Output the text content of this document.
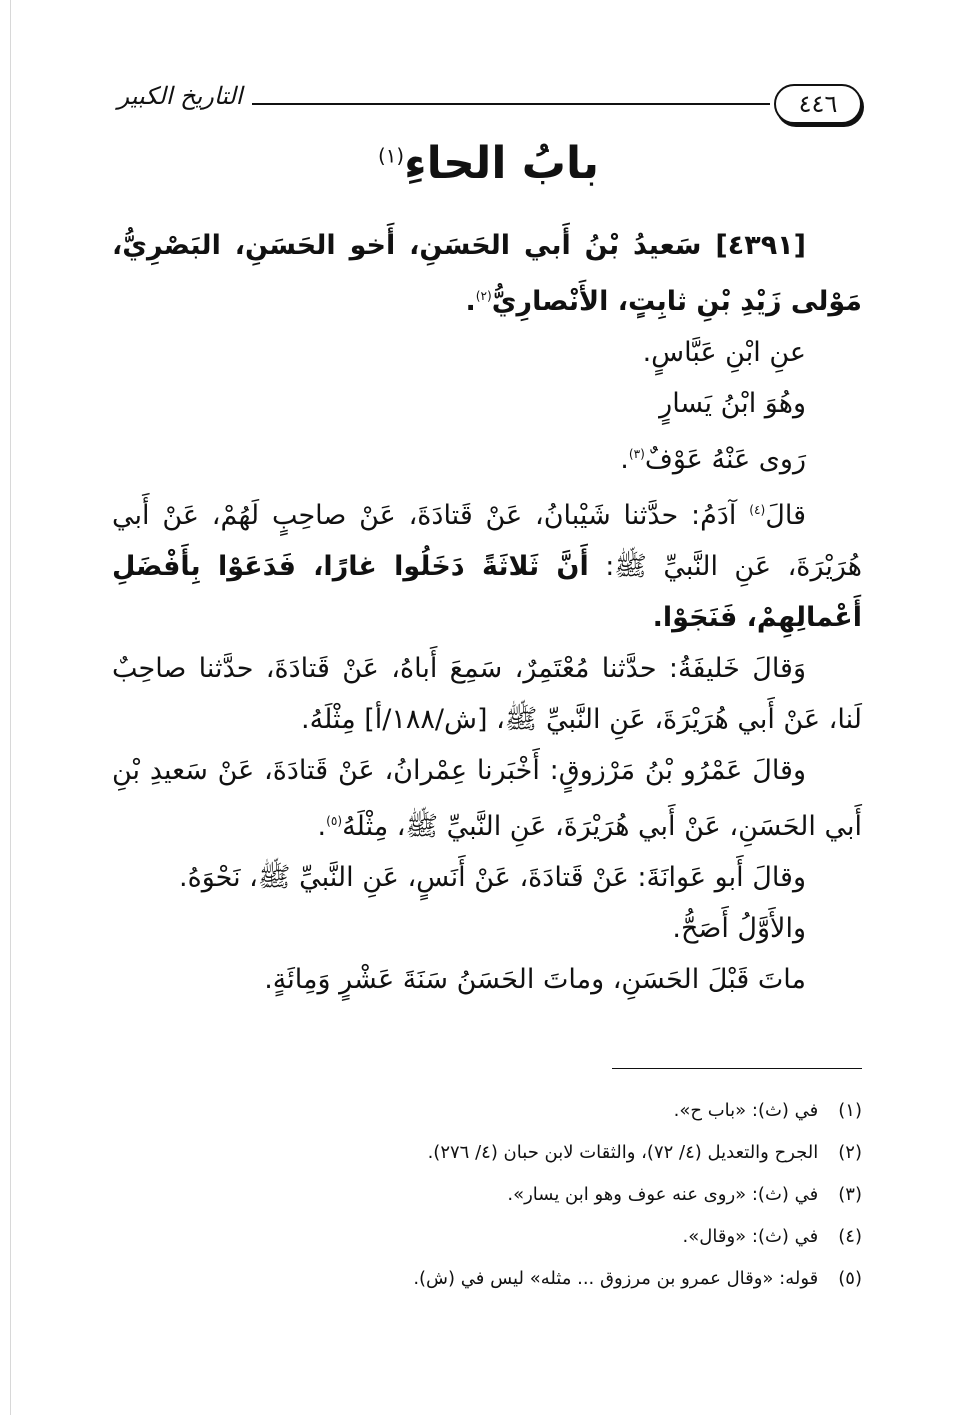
التاريخ الكبير	٤٤٦
بابُ الحاءِ$^{(١)}$

[٤٣٩١] سَعيدُ بْنُ أَبي الحَسَنِ، أَخو الحَسَنِ، البَصْرِيُّ، مَوْلى زَيْدِ بْنِ ثابِتٍ، الأَنْصارِيُّ$^{(٢)}$.

عنِ ابْنِ عَبَّاسٍ.

وهُوَ ابْنُ يَسارٍ

رَوى عَنْهُ عَوْفٌ$^{(٣)}$.

قالَ$^{(٤)}$ آدَمُ: حدَّثنا شَيْبانُ، عَنْ قَتادَةَ، عَنْ صاحِبٍ لَهُمْ، عَنْ أَبي هُرَيْرَةَ، عَنِ النَّبيِّ ﷺ: أَنَّ ثَلاثَةً دَخَلُوا غارًا، فَدَعَوْا بِأَفْضَلِ أَعْمالِهِمْ، فَنَجَوْا.

وَقالَ خَليفَةُ: حدَّثنا مُعْتَمِرٌ، سَمِعَ أَباهُ، عَنْ قَتادَةَ، حدَّثنا صاحِبٌ لَنا، عَنْ أَبي هُرَيْرَةَ، عَنِ النَّبيِّ ﷺ، [ش/١٨٨/أ] مِثْلَهُ.

وقالَ عَمْرُو بْنُ مَرْزوقٍ: أَخْبَرنا عِمْرانُ، عَنْ قَتادَةَ، عَنْ سَعيدِ بْنِ أَبي الحَسَنِ، عَنْ أَبي هُرَيْرَةَ، عَنِ النَّبيِّ ﷺ، مِثْلَهُ$^{(٥)}$.

وقالَ أَبو عَوانَةَ: عَنْ قَتادَةَ، عَنْ أَنَسٍ، عَنِ النَّبيِّ ﷺ، نَحْوَهُ.

والأَوَّلُ أَصَحُّ.

ماتَ قَبْلَ الحَسَنِ، وماتَ الحَسَنُ سَنَةَ عَشْرٍ وَمِائَةٍ.

(١) في (ث): «باب ح».
(٢) الجرح والتعديل (٤/ ٧٢)، والثقات لابن حبان (٤/ ٢٧٦).
(٣) في (ث): «روى عنه عوف وهو ابن يسار».
(٤) في (ث): «وقال».
(٥) قوله: «وقال عمرو بن مرزوق ... مثله» ليس في (ش).
